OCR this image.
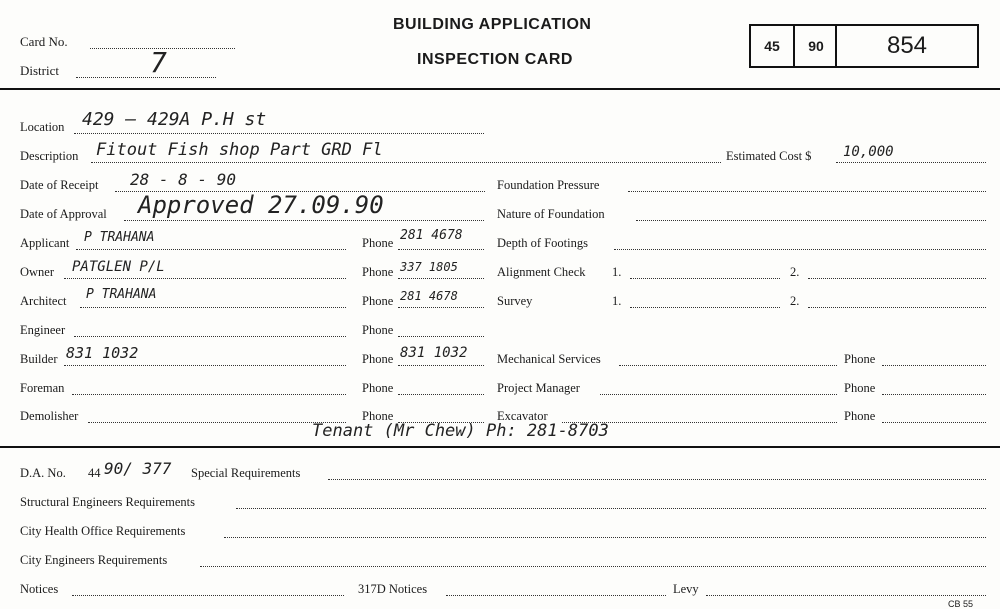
Card No.
District	7
BUILDING APPLICATION
INSPECTION CARD
45	90	854
Location 429 – 429A P.H st
Description Fitout Fish shop Part GRD Fl
Date of Receipt 28 - 8 - 90
Date of Approval Approved 27.09.90
Applicant P TRAHANA	Phone 281 4678
Owner PATGLEN P/L	Phone 337 1805
Architect P TRAHANA	Phone 281 4678
Engineer	Phone
Builder 831 1032	Phone 831 1032
Foreman	Phone
Demolisher	Phone
Estimated Cost $ 10,000
Foundation Pressure
Nature of Foundation
Depth of Footings
Alignment Check 1.	2.
Survey	1.	2.
Mechanical Services	Phone
Project Manager	Phone
Excavator	Phone
Tenant (Mr Chew) Ph: 281-8703
D.A. No. 44 90/ 377 Special Requirements
Structural Engineers Requirements
City Health Office Requirements
City Engineers Requirements
Notices	317D Notices	Levy
CB 55
